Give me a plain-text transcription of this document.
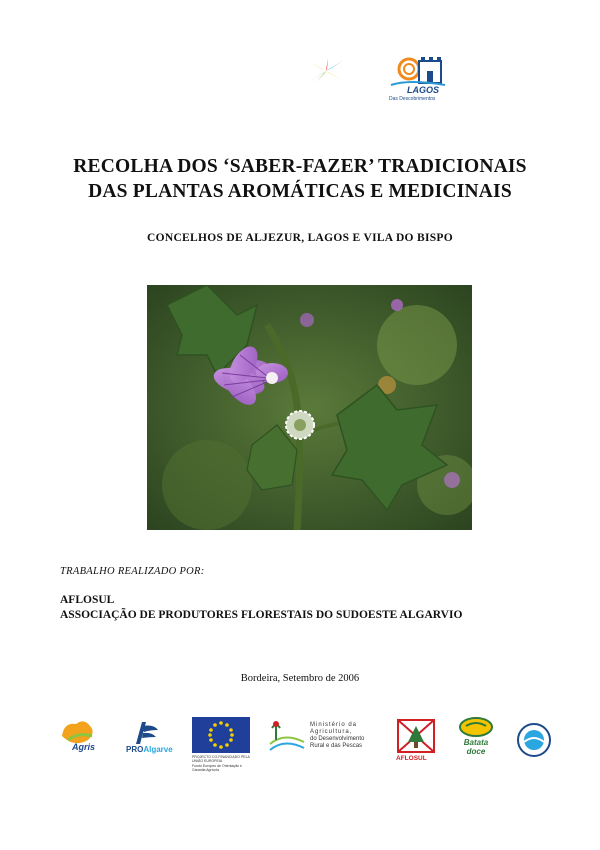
LAGOS
Das Descobrimentos
RECOLHA DOS ‘SABER-FAZER’ TRADICIONAIS
DAS PLANTAS AROMÁTICAS E MEDICINAIS
CONCELHOS DE ALJEZUR, LAGOS E VILA DO BISPO
TRABALHO REALIZADO POR:
AFLOSUL
ASSOCIAÇÃO DE PRODUTORES FLORESTAIS DO SUDOESTE ALGARVIO
Bordeira, Setembro de 2006
Agris	PROAlgarve
PROJECTO CO-FINANCIADO PELA UNIÃO EUROPEIA
Fundo Europeu de Orientação e Garantia Agrícola
Ministério da
Agricultura,
do Desenvolvimento
Rural e das Pescas
AFLOSUL
Batata
doce
